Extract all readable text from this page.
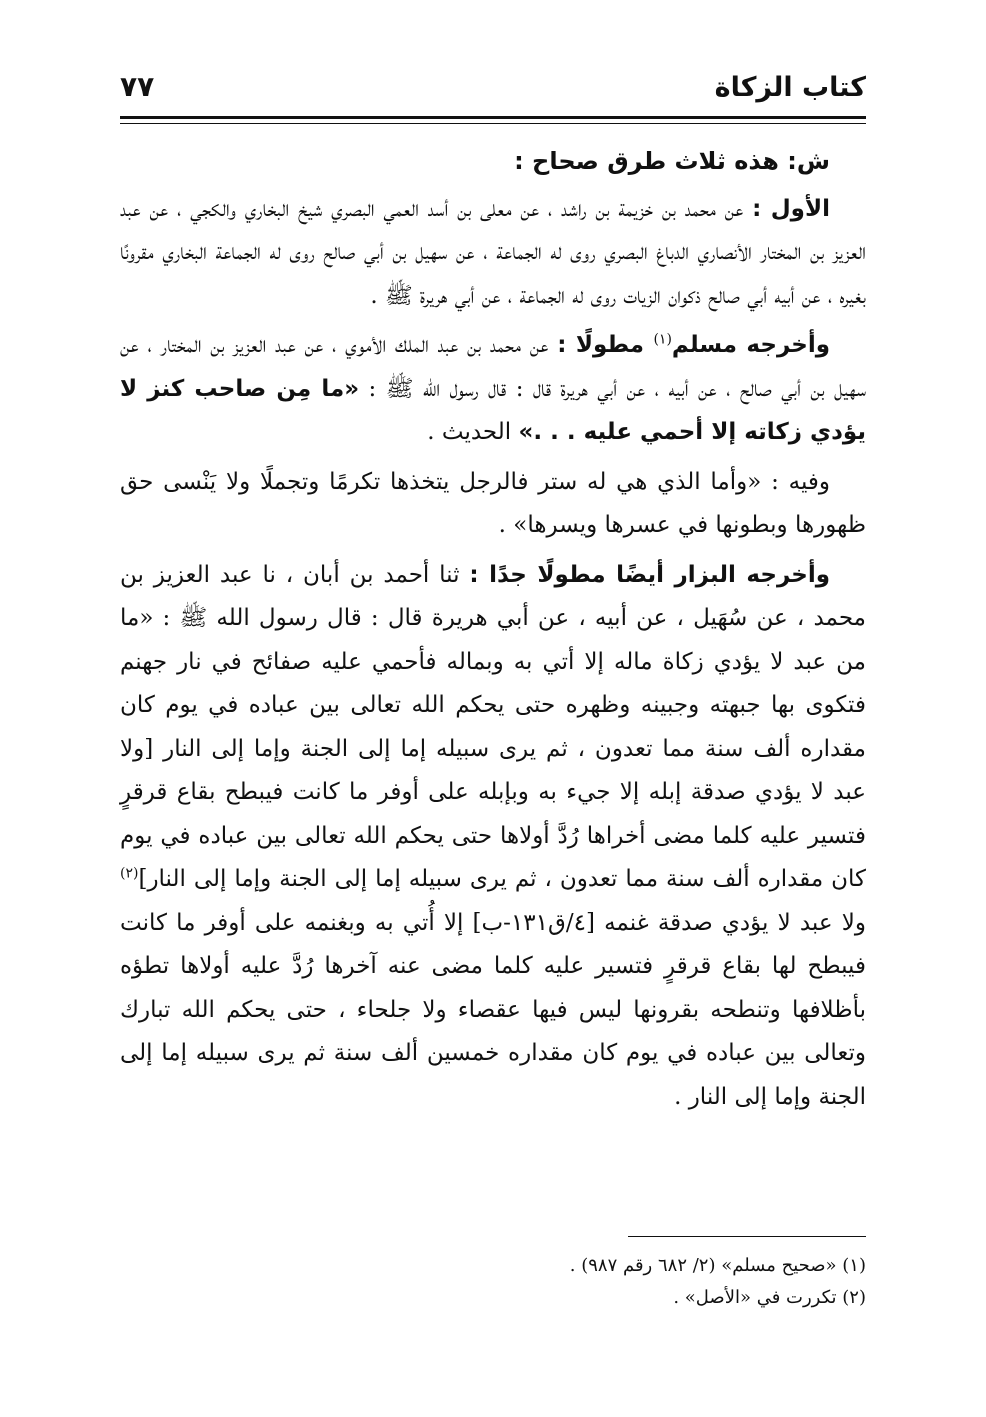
كتاب الزكاة
٧٧

ش: هذه ثلاث طرق صحاح :

الأول : عن محمد بن خزيمة بن راشد ، عن معلى بن أسد العمي البصري شيخ البخاري والكجي ، عن عبد العزيز بن المختار الأنصاري الدباغ البصري روى له الجماعة ، عن سهيل بن أبي صالح روى له الجماعة البخاري مقرونًا بغيره ، عن أبيه أبي صالح ذكوان الزيات روى له الجماعة ، عن أبي هريرة ﷺ .

وأخرجه مسلم$^{(١)}$ مطولًا : عن محمد بن عبد الملك الأموي ، عن عبد العزيز بن المختار ، عن سهيل بن أبي صالح ، عن أبيه ، عن أبي هريرة قال : قال رسول الله ﷺ : «ما مِن صاحب كنز لا يؤدي زكاته إلا أحمي عليه . . .» الحديث .

وفيه : «وأما الذي هي له ستر فالرجل يتخذها تكرمًا وتجملًا ولا يَنْسى حق ظهورها وبطونها في عسرها ويسرها» .

وأخرجه البزار أيضًا مطولًا جدًا : ثنا أحمد بن أبان ، نا عبد العزيز بن محمد ، عن سُهَيل ، عن أبيه ، عن أبي هريرة قال : قال رسول الله ﷺ : «ما من عبد لا يؤدي زكاة ماله إلا أتي به وبماله فأحمي عليه صفائح في نار جهنم فتكوى بها جبهته وجبينه وظهره حتى يحكم الله تعالى بين عباده في يوم كان مقداره ألف سنة مما تعدون ، ثم يرى سبيله إما إلى الجنة وإما إلى النار [ولا عبد لا يؤدي صدقة إبله إلا جيء به وبإبله على أوفر ما كانت فيبطح بقاع قرقرٍ فتسير عليه كلما مضى أخراها رُدَّ أولاها حتى يحكم الله تعالى بين عباده في يوم كان مقداره ألف سنة مما تعدون ، ثم يرى سبيله إما إلى الجنة وإما إلى النار]$^{(٢)}$ ولا عبد لا يؤدي صدقة غنمه [٤/ق١٣١-ب] إلا أُتي به وبغنمه على أوفر ما كانت فيبطح لها بقاع قرقرٍ فتسير عليه كلما مضى عنه آخرها رُدَّ عليه أولاها تطؤه بأظلافها وتنطحه بقرونها ليس فيها عقصاء ولا جلحاء ، حتى يحكم الله تبارك وتعالى بين عباده في يوم كان مقداره خمسين ألف سنة ثم يرى سبيله إما إلى الجنة وإما إلى النار .

(١) «صحيح مسلم» (٢/ ٦٨٢ رقم ٩٨٧) .

(٢) تكررت في «الأصل» .
